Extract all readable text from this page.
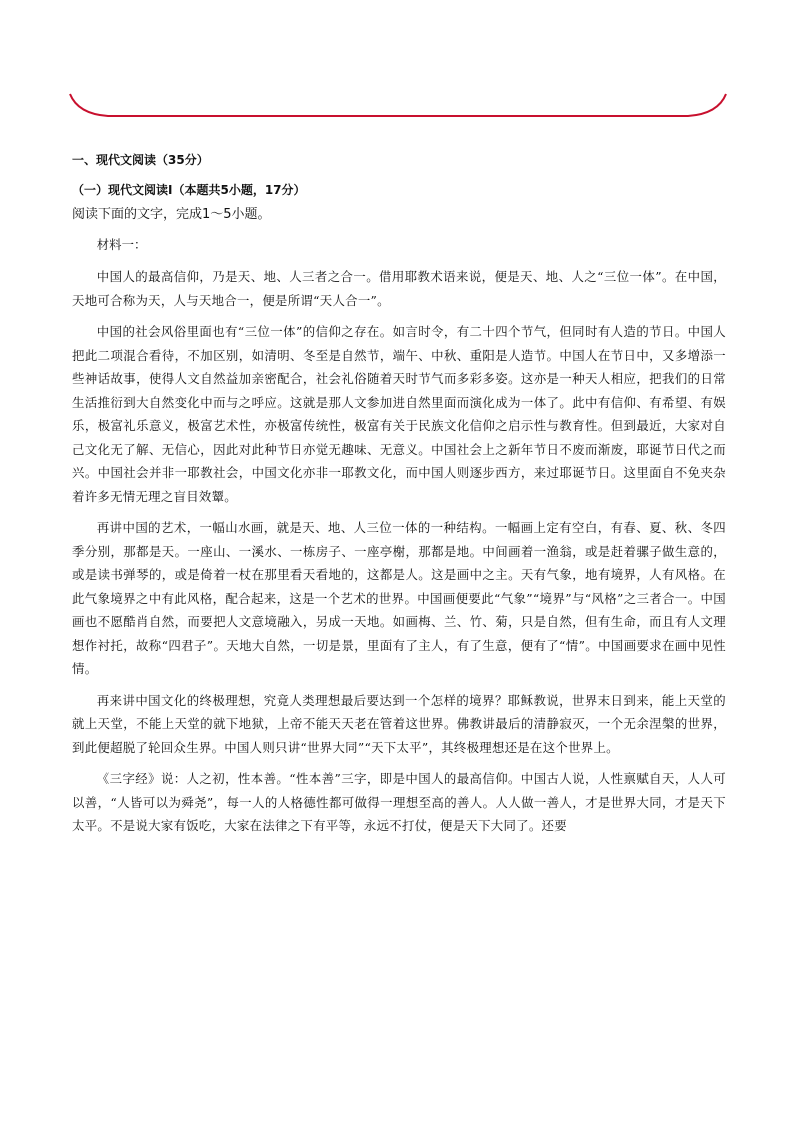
一、现代文阅读（35分）
（一）现代文阅读Ⅰ（本题共5小题，17分）
阅读下面的文字，完成1～5小题。
材料一：

中国人的最高信仰，乃是天、地、人三者之合一。借用耶教术语来说，便是天、地、人之“三位一体”。在中国，天地可合称为天，人与天地合一，便是所谓“天人合一”。

中国的社会风俗里面也有“三位一体”的信仰之存在。如言时令，有二十四个节气，但同时有人造的节日。中国人把此二项混合看待，不加区别，如清明、冬至是自然节，端午、中秋、重阳是人造节。中国人在节日中，又多增添一些神话故事，使得人文自然益加亲密配合，社会礼俗随着天时节气而多彩多姿。这亦是一种天人相应，把我们的日常生活推衍到大自然变化中而与之呼应。这就是那人文参加进自然里面而演化成为一体了。此中有信仰、有希望、有娱乐，极富礼乐意义，极富艺术性，亦极富传统性，极富有关于民族文化信仰之启示性与教育性。但到最近，大家对自己文化无了解、无信心，因此对此种节日亦觉无趣味、无意义。中国社会上之新年节日不废而渐废，耶诞节日代之而兴。中国社会并非一耶教社会，中国文化亦非一耶教文化，而中国人则逐步西方，来过耶诞节日。这里面自不免夹杂着许多无情无理之盲目效颦。

再讲中国的艺术，一幅山水画，就是天、地、人三位一体的一种结构。一幅画上定有空白，有春、夏、秋、冬四季分别，那都是天。一座山、一溪水、一栋房子、一座亭榭，那都是地。中间画着一渔翁，或是赶着骡子做生意的，或是读书弹琴的，或是倚着一杖在那里看天看地的，这都是人。这是画中之主。天有气象，地有境界，人有风格。在此气象境界之中有此风格，配合起来，这是一个艺术的世界。中国画便要此“气象”“境界”与“风格”之三者合一。中国画也不愿酷肖自然，而要把人文意境融入，另成一天地。如画梅、兰、竹、菊，只是自然，但有生命，而且有人文理想作衬托，故称“四君子”。天地大自然，一切是景，里面有了主人，有了生意，便有了“情”。中国画要求在画中见性情。

再来讲中国文化的终极理想，究竟人类理想最后要达到一个怎样的境界？耶稣教说，世界末日到来，能上天堂的就上天堂，不能上天堂的就下地狱，上帝不能天天老在管着这世界。佛教讲最后的清静寂灭，一个无余涅槃的世界，到此便超脱了轮回众生界。中国人则只讲“世界大同”“天下太平”，其终极理想还是在这个世界上。

《三字经》说：人之初，性本善。“性本善”三字，即是中国人的最高信仰。中国古人说，人性禀赋自天，人人可以善，“人皆可以为舜尧”，每一人的人格德性都可做得一理想至高的善人。人人做一善人，才是世界大同，才是天下太平。不是说大家有饭吃，大家在法律之下有平等，永远不打仗，便是天下大同了。还要
